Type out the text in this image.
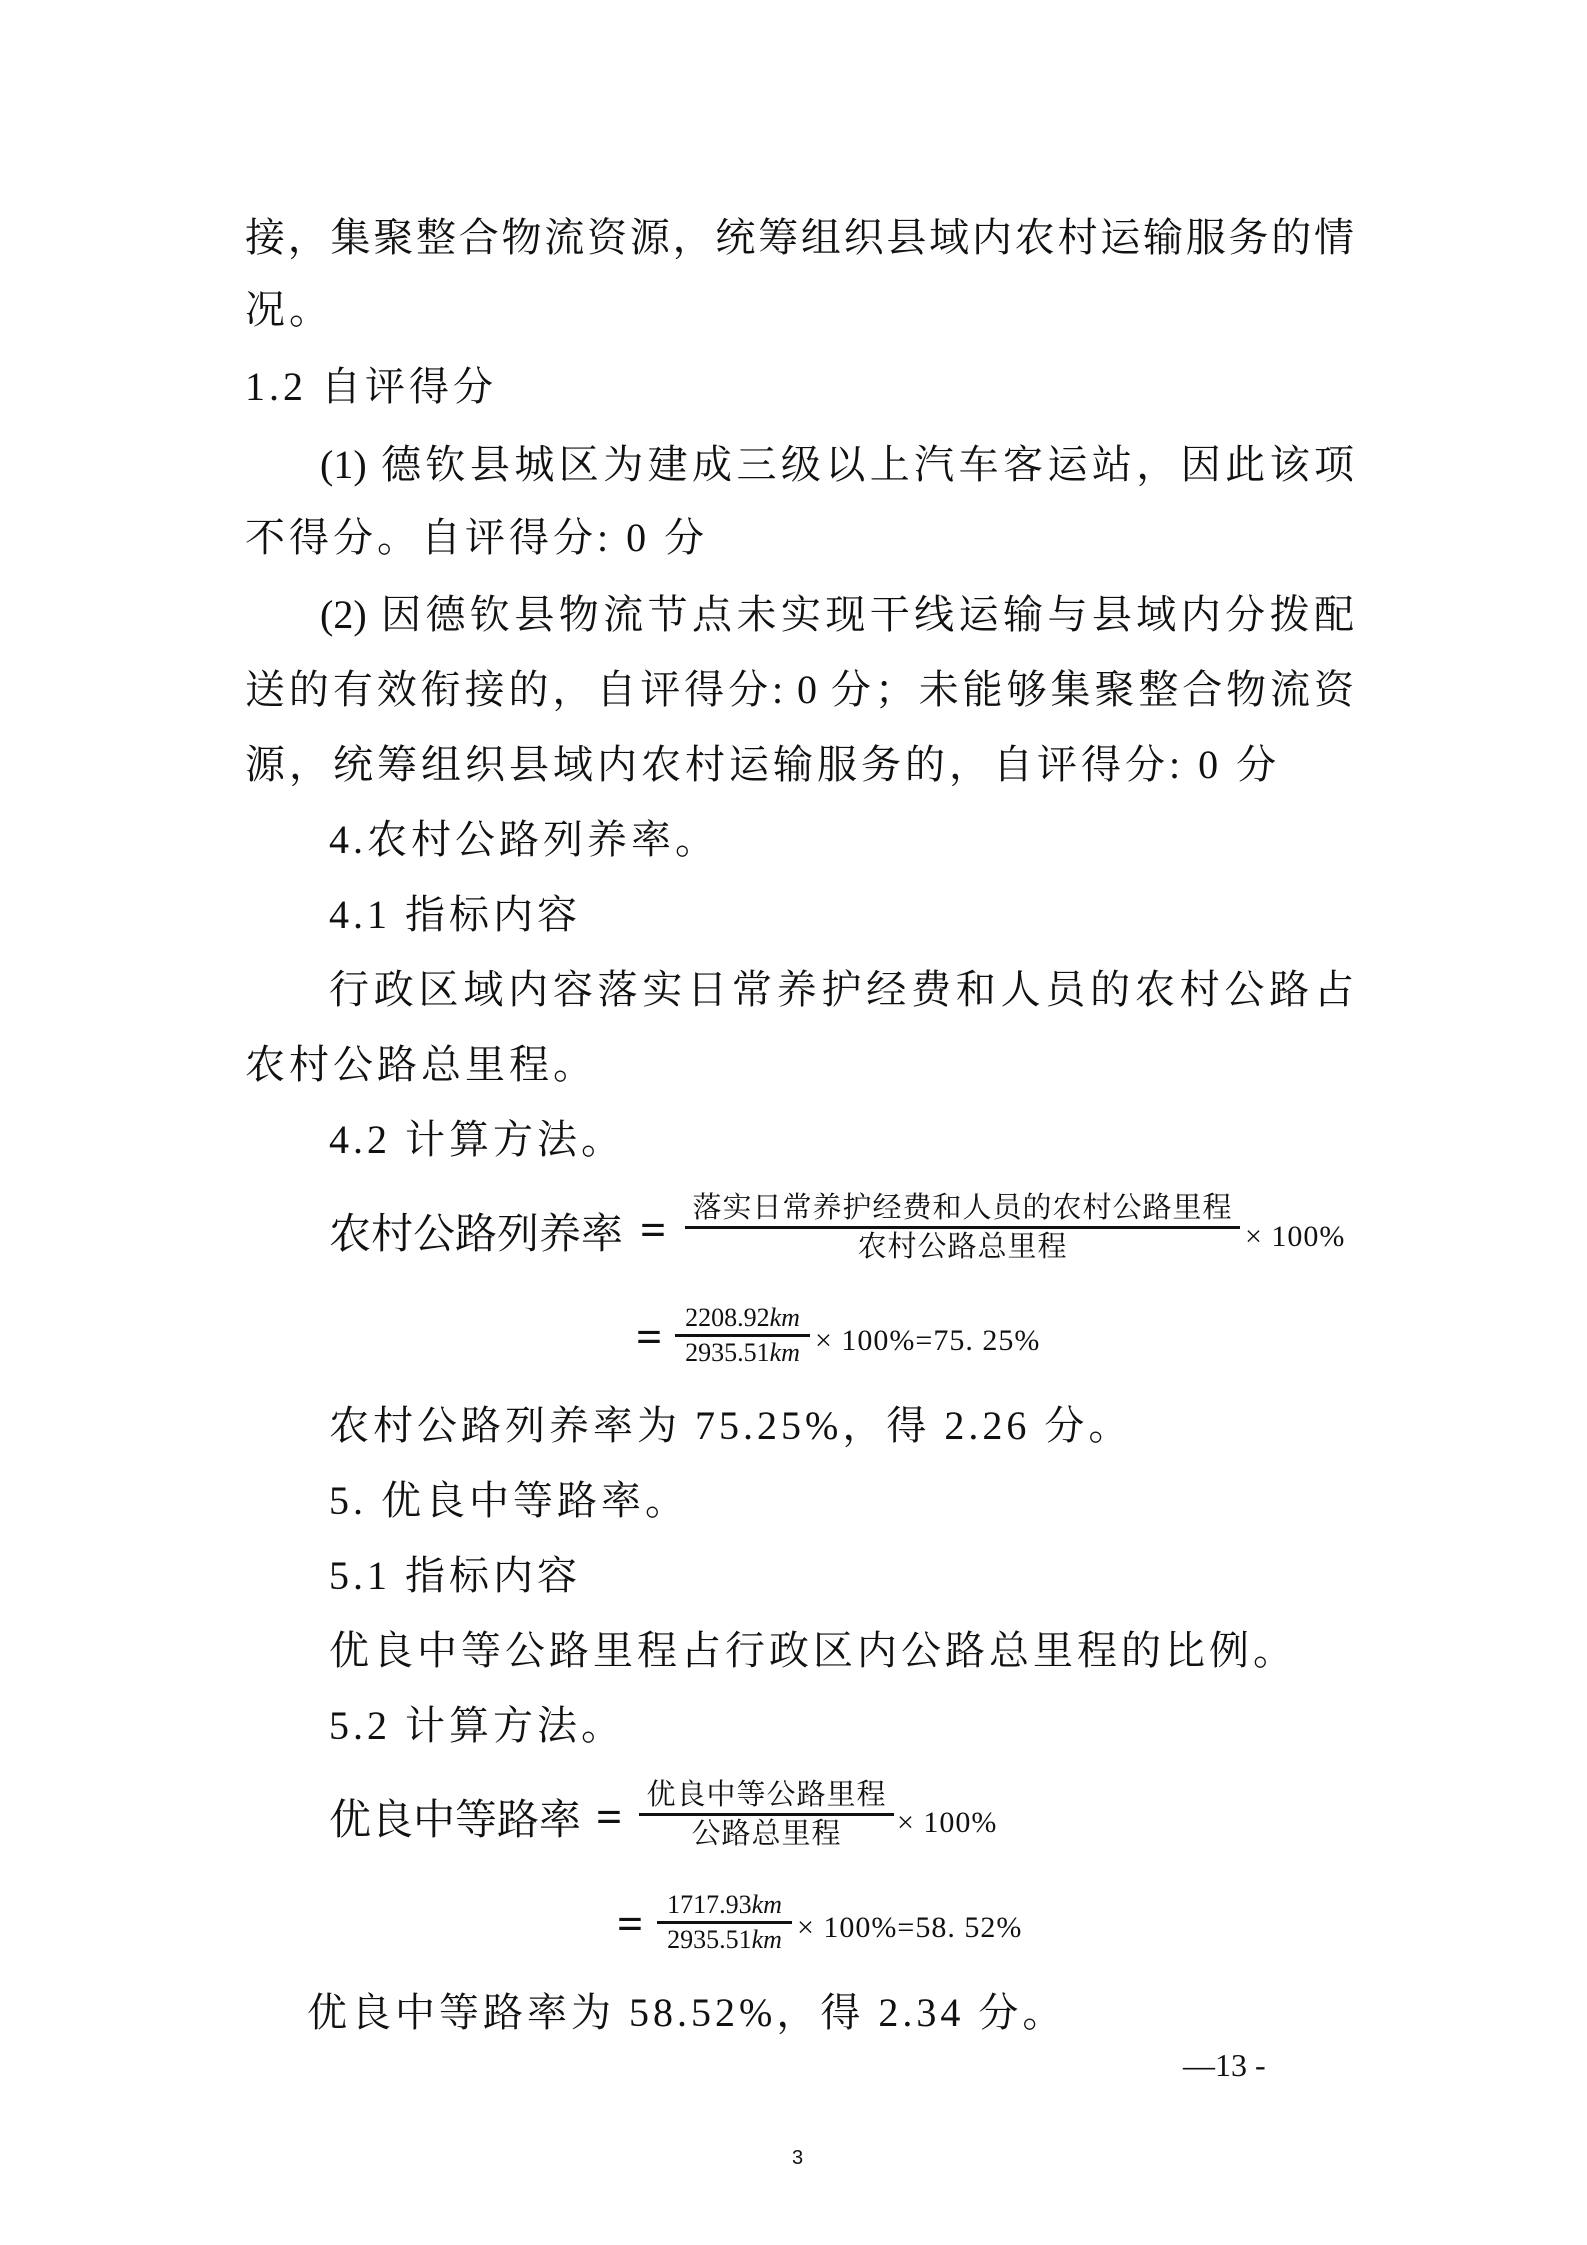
接，集聚整合物流资源，统筹组织县域内农村运输服务的情
况。
1.2 自评得分
(1) 德钦县城区为建成三级以上汽车客运站，因此该项
不得分。自评得分: 0 分
(2) 因德钦县物流节点未实现干线运输与县域内分拨配
送的有效衔接的，自评得分: 0 分；未能够集聚整合物流资
源，统筹组织县域内农村运输服务的，自评得分: 0 分
4.农村公路列养率。
4.1 指标内容
行政区域内容落实日常养护经费和人员的农村公路占
农村公路总里程。
4.2 计算方法。
农村公路列养率 = 落实日常养护经费和人员的农村公路里程
农村公路总里程	× 100%
= 2208.92km
2935.51km × 100%=75. 25%
农村公路列养率为 75.25%，得 2.26 分。
5. 优良中等路率。
5.1 指标内容
优良中等公路里程占行政区内公路总里程的比例。
5.2 计算方法。
优良中等路率 = 优良中等公路里程
公路总里程 × 100%
= 1717.93km
2935.51km × 100%=58. 52%
优良中等路率为 58.52%，得 2.34 分。
—13 -
3
